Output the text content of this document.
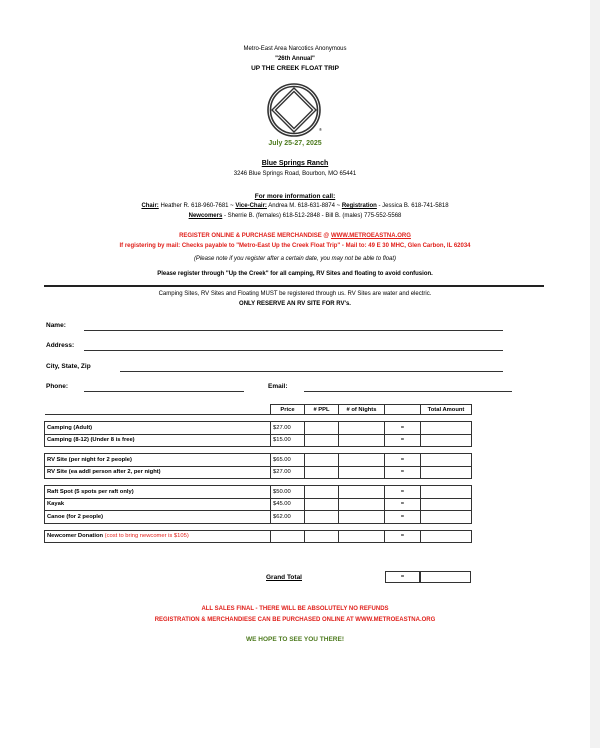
Metro-East Area Narcotics Anonymous
"26th Annual"
UP THE CREEK FLOAT TRIP
®
July 25-27, 2025
Blue Springs Ranch
3246 Blue Springs Road, Bourbon, MO 65441
For more information call:
Chair: Heather R. 618-960-7681 ~ Vice-Chair: Andrea M. 618-631-8874 ~ Registration - Jessica B. 618-741-5818
Newcomers - Sherrie B. (females) 618-512-2848 - Bill B. (males) 775-552-5568
REGISTER ONLINE & PURCHASE MERCHANDISE @ WWW.METROEASTNA.ORG
If registering by mail: Checks payable to "Metro-East Up the Creek Float Trip" - Mail to: 49 E 30 MHC, Glen Carbon, IL 62034
(Please note if you register after a certain date, you may not be able to float)
Please register through "Up the Creek" for all camping, RV Sites and floating to avoid confusion.
Camping Sites, RV Sites and Floating MUST be registered through us. RV Sites are water and electric.
ONLY RESERVE AN RV SITE FOR RV's.
Name:
Address:
City, State, Zip
Phone:	Email:
	Price	# PPL	# of Nights		Total Amount

Camping (Adult)	$27.00			=	
Camping (8-12) (Under 8 is free)	$15.00			=	

RV Site (per night for 2 people)	$65.00			=	
RV Site (ea addl person after 2, per night)	$27.00			=	

Raft Spot (5 spots per raft only)	$50.00			=	
Kayak	$45.00			=	
Canoe (for 2 people)	$62.00			=	

Newcomer Donation (cost to bring newcomer is $105)				=	
Grand Total	=
ALL SALES FINAL - THERE WILL BE ABSOLUTELY NO REFUNDS
REGISTRATION & MERCHANDIESE CAN BE PURCHASED ONLINE AT WWW.METROEASTNA.ORG
WE HOPE TO SEE YOU THERE!
